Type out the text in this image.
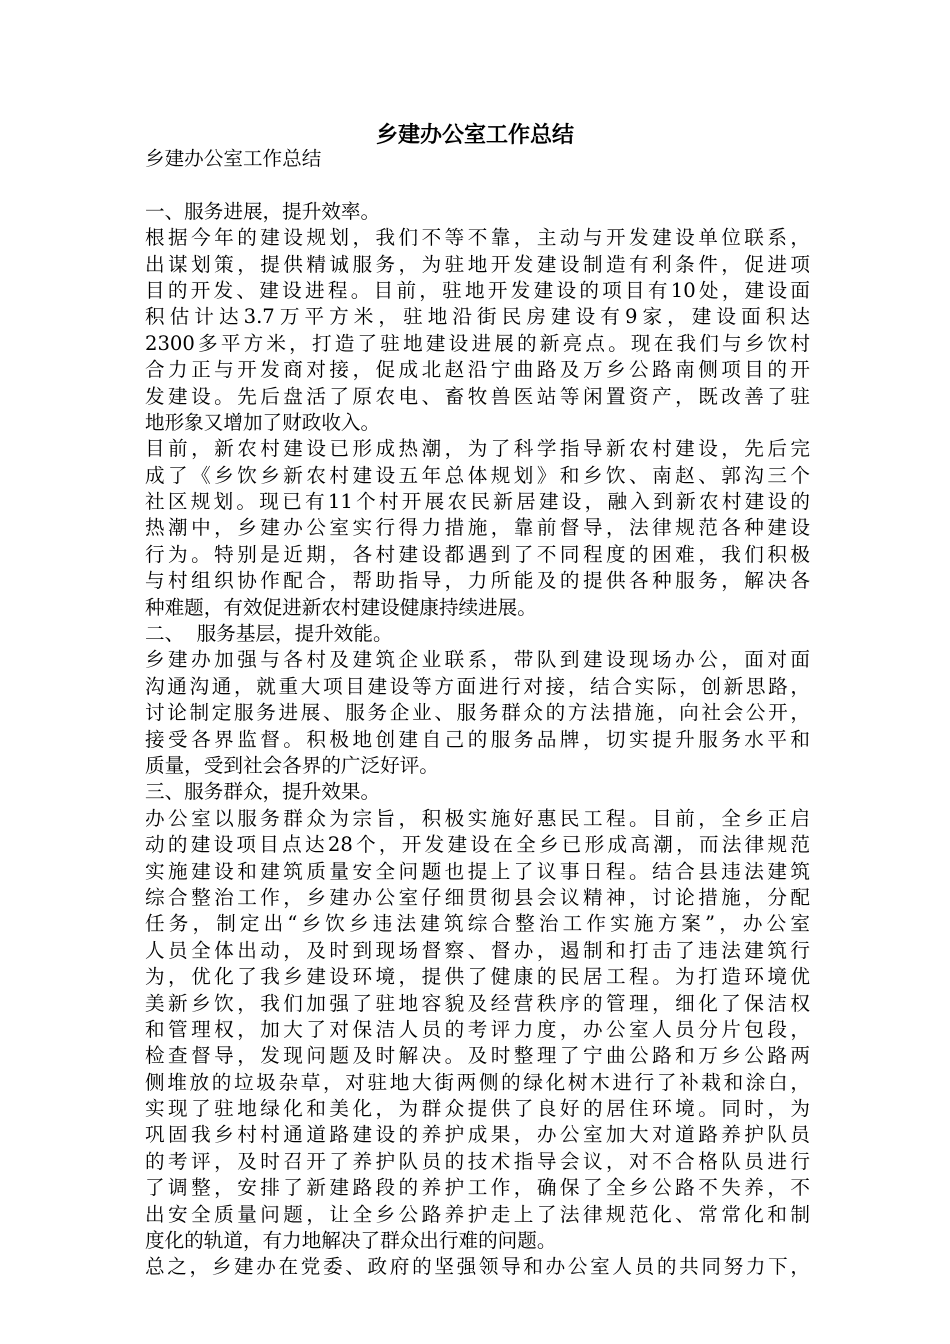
乡建办公室工作总结
乡建办公室工作总结
一、服务进展，提升效率。
根据今年的建设规划，我们不等不靠，主动与开发建设单位联系，
出谋划策，提供精诚服务，为驻地开发建设制造有利条件，促进项
目的开发、建设进程。目前，驻地开发建设的项目有10处，建设面
积估计达3.7万平方米，驻地沿街民房建设有9家，建设面积达
2300多平方米，打造了驻地建设进展的新亮点。现在我们与乡饮村
合力正与开发商对接，促成北赵沿宁曲路及万乡公路南侧项目的开
发建设。先后盘活了原农电、畜牧兽医站等闲置资产，既改善了驻
地形象又增加了财政收入。
目前，新农村建设已形成热潮，为了科学指导新农村建设，先后完
成了《乡饮乡新农村建设五年总体规划》和乡饮、南赵、郭沟三个
社区规划。现已有11个村开展农民新居建设，融入到新农村建设的
热潮中，乡建办公室实行得力措施，靠前督导，法律规范各种建设
行为。特别是近期，各村建设都遇到了不同程度的困难，我们积极
与村组织协作配合，帮助指导，力所能及的提供各种服务，解决各
种难题，有效促进新农村建设健康持续进展。
二、  服务基层，提升效能。
乡建办加强与各村及建筑企业联系，带队到建设现场办公，面对面
沟通沟通，就重大项目建设等方面进行对接，结合实际，创新思路，
讨论制定服务进展、服务企业、服务群众的方法措施，向社会公开，
接受各界监督。积极地创建自己的服务品牌，切实提升服务水平和
质量，受到社会各界的广泛好评。
三、服务群众，提升效果。
办公室以服务群众为宗旨，积极实施好惠民工程。目前，全乡正启
动的建设项目点达28个，开发建设在全乡已形成高潮，而法律规范
实施建设和建筑质量安全问题也提上了议事日程。结合县违法建筑
综合整治工作，乡建办公室仔细贯彻县会议精神，讨论措施，分配
任务，制定出“乡饮乡违法建筑综合整治工作实施方案”，办公室
人员全体出动，及时到现场督察、督办，遏制和打击了违法建筑行
为，优化了我乡建设环境，提供了健康的民居工程。为打造环境优
美新乡饮，我们加强了驻地容貌及经营秩序的管理，细化了保洁权
和管理权，加大了对保洁人员的考评力度，办公室人员分片包段，
检查督导，发现问题及时解决。及时整理了宁曲公路和万乡公路两
侧堆放的垃圾杂草，对驻地大街两侧的绿化树木进行了补栽和涂白，
实现了驻地绿化和美化，为群众提供了良好的居住环境。同时，为
巩固我乡村村通道路建设的养护成果，办公室加大对道路养护队员
的考评，及时召开了养护队员的技术指导会议，对不合格队员进行
了调整，安排了新建路段的养护工作，确保了全乡公路不失养，不
出安全质量问题，让全乡公路养护走上了法律规范化、常常化和制
度化的轨道，有力地解决了群众出行难的问题。
总之，乡建办在党委、政府的坚强领导和办公室人员的共同努力下，
